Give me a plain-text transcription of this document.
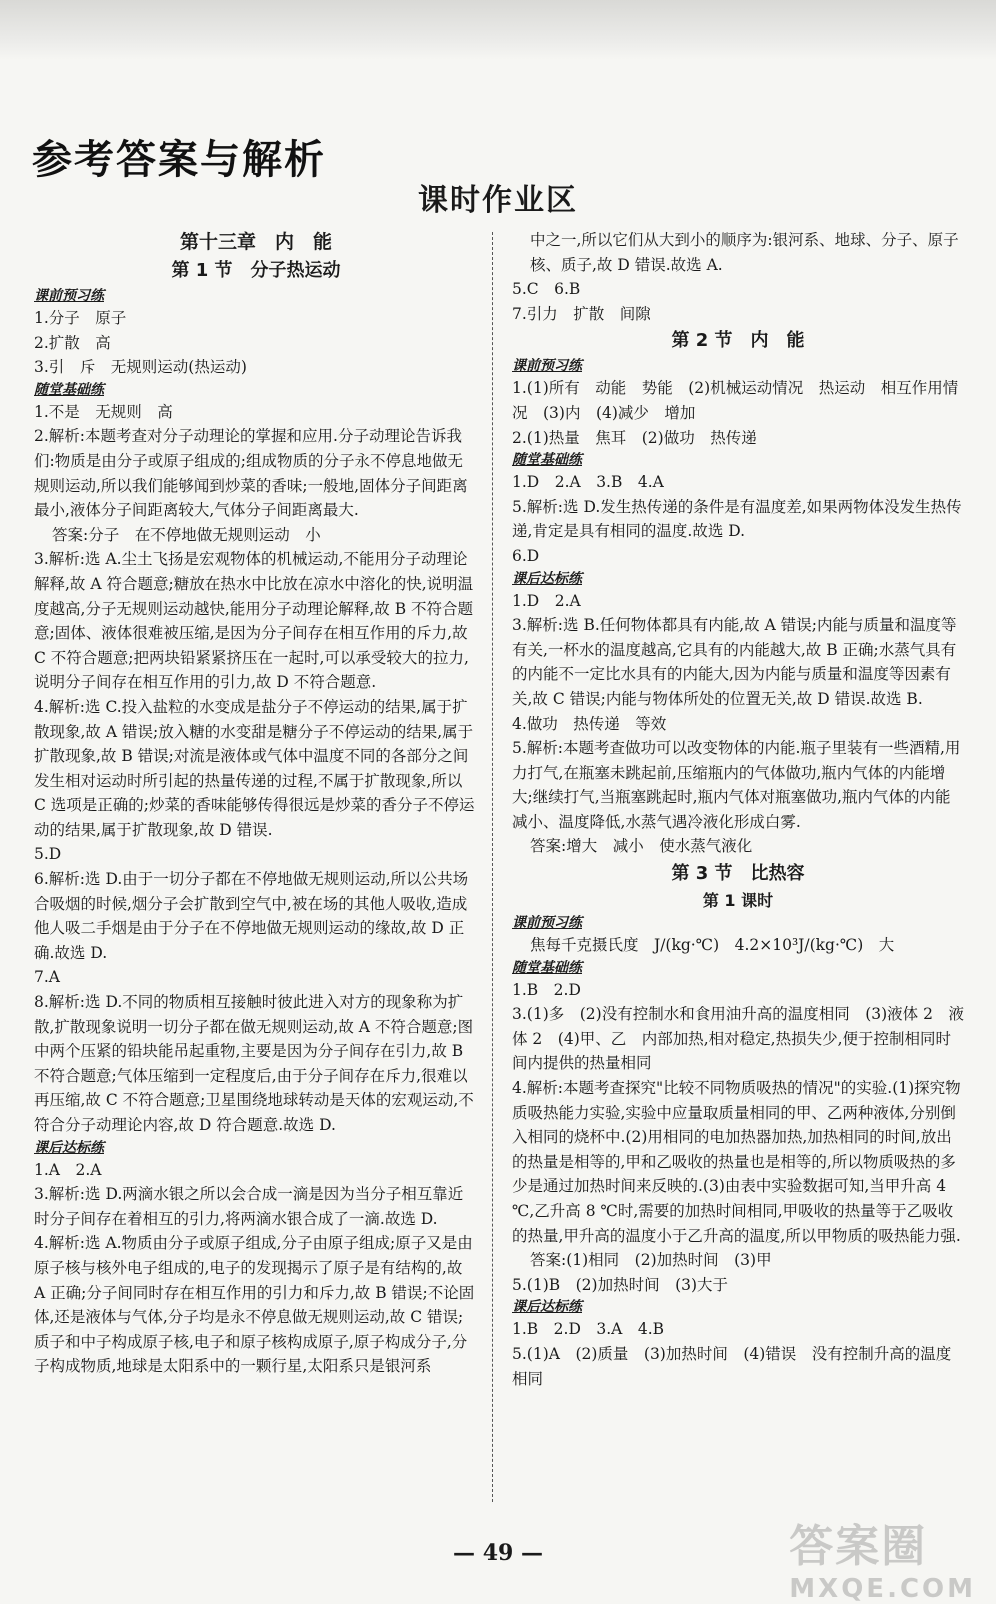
参考答案与解析
课时作业区
第十三章　内　能
第 1 节　分子热运动
课前预习练
1.分子　原子
2.扩散　高
3.引　斥　无规则运动(热运动)
随堂基础练
1.不是　无规则　高
2.解析:本题考查对分子动理论的掌握和应用.分子动理论告诉我们:物质是由分子或原子组成的;组成物质的分子永不停息地做无规则运动,所以我们能够闻到炒菜的香味;一般地,固体分子间距离最小,液体分子间距离较大,气体分子间距离最大.
答案:分子　在不停地做无规则运动　小
3.解析:选 A.尘土飞扬是宏观物体的机械运动,不能用分子动理论解释,故 A 符合题意;糖放在热水中比放在凉水中溶化的快,说明温度越高,分子无规则运动越快,能用分子动理论解释,故 B 不符合题意;固体、液体很难被压缩,是因为分子间存在相互作用的斥力,故 C 不符合题意;把两块铅紧紧挤压在一起时,可以承受较大的拉力,说明分子间存在相互作用的引力,故 D 不符合题意.
4.解析:选 C.投入盐粒的水变成是盐分子不停运动的结果,属于扩散现象,故 A 错误;放入糖的水变甜是糖分子不停运动的结果,属于扩散现象,故 B 错误;对流是液体或气体中温度不同的各部分之间发生相对运动时所引起的热量传递的过程,不属于扩散现象,所以 C 选项是正确的;炒菜的香味能够传得很远是炒菜的香分子不停运动的结果,属于扩散现象,故 D 错误.
5.D
6.解析:选 D.由于一切分子都在不停地做无规则运动,所以公共场合吸烟的时候,烟分子会扩散到空气中,被在场的其他人吸收,造成他人吸二手烟是由于分子在不停地做无规则运动的缘故,故 D 正确.故选 D.
7.A
8.解析:选 D.不同的物质相互接触时彼此进入对方的现象称为扩散,扩散现象说明一切分子都在做无规则运动,故 A 不符合题意;图中两个压紧的铅块能吊起重物,主要是因为分子间存在引力,故 B 不符合题意;气体压缩到一定程度后,由于分子间存在斥力,很难以再压缩,故 C 不符合题意;卫星围绕地球转动是天体的宏观运动,不符合分子动理论内容,故 D 符合题意.故选 D.
课后达标练
1.A　2.A
3.解析:选 D.两滴水银之所以会合成一滴是因为当分子相互靠近时分子间存在着相互的引力,将两滴水银合成了一滴.故选 D.
4.解析:选 A.物质由分子或原子组成,分子由原子组成;原子又是由原子核与核外电子组成的,电子的发现揭示了原子是有结构的,故 A 正确;分子间同时存在相互作用的引力和斥力,故 B 错误;不论固体,还是液体与气体,分子均是永不停息做无规则运动,故 C 错误;质子和中子构成原子核,电子和原子核构成原子,原子构成分子,分子构成物质,地球是太阳系中的一颗行星,太阳系只是银河系
中之一,所以它们从大到小的顺序为:银河系、地球、分子、原子核、质子,故 D 错误.故选 A.
5.C　6.B
7.引力　扩散　间隙
第 2 节　内　能
课前预习练
1.(1)所有　动能　势能　(2)机械运动情况　热运动　相互作用情况　(3)内　(4)减少　增加
2.(1)热量　焦耳　(2)做功　热传递
随堂基础练
1.D　2.A　3.B　4.A
5.解析:选 D.发生热传递的条件是有温度差,如果两物体没发生热传递,肯定是具有相同的温度.故选 D.
6.D
课后达标练
1.D　2.A
3.解析:选 B.任何物体都具有内能,故 A 错误;内能与质量和温度等有关,一杯水的温度越高,它具有的内能越大,故 B 正确;水蒸气具有的内能不一定比水具有的内能大,因为内能与质量和温度等因素有关,故 C 错误;内能与物体所处的位置无关,故 D 错误.故选 B.
4.做功　热传递　等效
5.解析:本题考查做功可以改变物体的内能.瓶子里装有一些酒精,用力打气,在瓶塞未跳起前,压缩瓶内的气体做功,瓶内气体的内能增大;继续打气,当瓶塞跳起时,瓶内气体对瓶塞做功,瓶内气体的内能减小、温度降低,水蒸气遇冷液化形成白雾.
答案:增大　减小　使水蒸气液化
第 3 节　比热容
第 1 课时
课前预习练
焦每千克摄氏度　J/(kg·℃)　4.2×10³J/(kg·℃)　大
随堂基础练
1.B　2.D
3.(1)多　(2)没有控制水和食用油升高的温度相同　(3)液体 2　液体 2　(4)甲、乙　内部加热,相对稳定,热损失少,便于控制相同时间内提供的热量相同
4.解析:本题考查探究"比较不同物质吸热的情况"的实验.(1)探究物质吸热能力实验,实验中应量取质量相同的甲、乙两种液体,分别倒入相同的烧杯中.(2)用相同的电加热器加热,加热相同的时间,放出的热量是相等的,甲和乙吸收的热量也是相等的,所以物质吸热的多少是通过加热时间来反映的.(3)由表中实验数据可知,当甲升高 4 ℃,乙升高 8 ℃时,需要的加热时间相同,甲吸收的热量等于乙吸收的热量,甲升高的温度小于乙升高的温度,所以甲物质的吸热能力强.
答案:(1)相同　(2)加热时间　(3)甲
5.(1)B　(2)加热时间　(3)大于
课后达标练
1.B　2.D　3.A　4.B
5.(1)A　(2)质量　(3)加热时间　(4)错误　没有控制升高的温度相同
— 49 —	答案圈
MXQE.COM
